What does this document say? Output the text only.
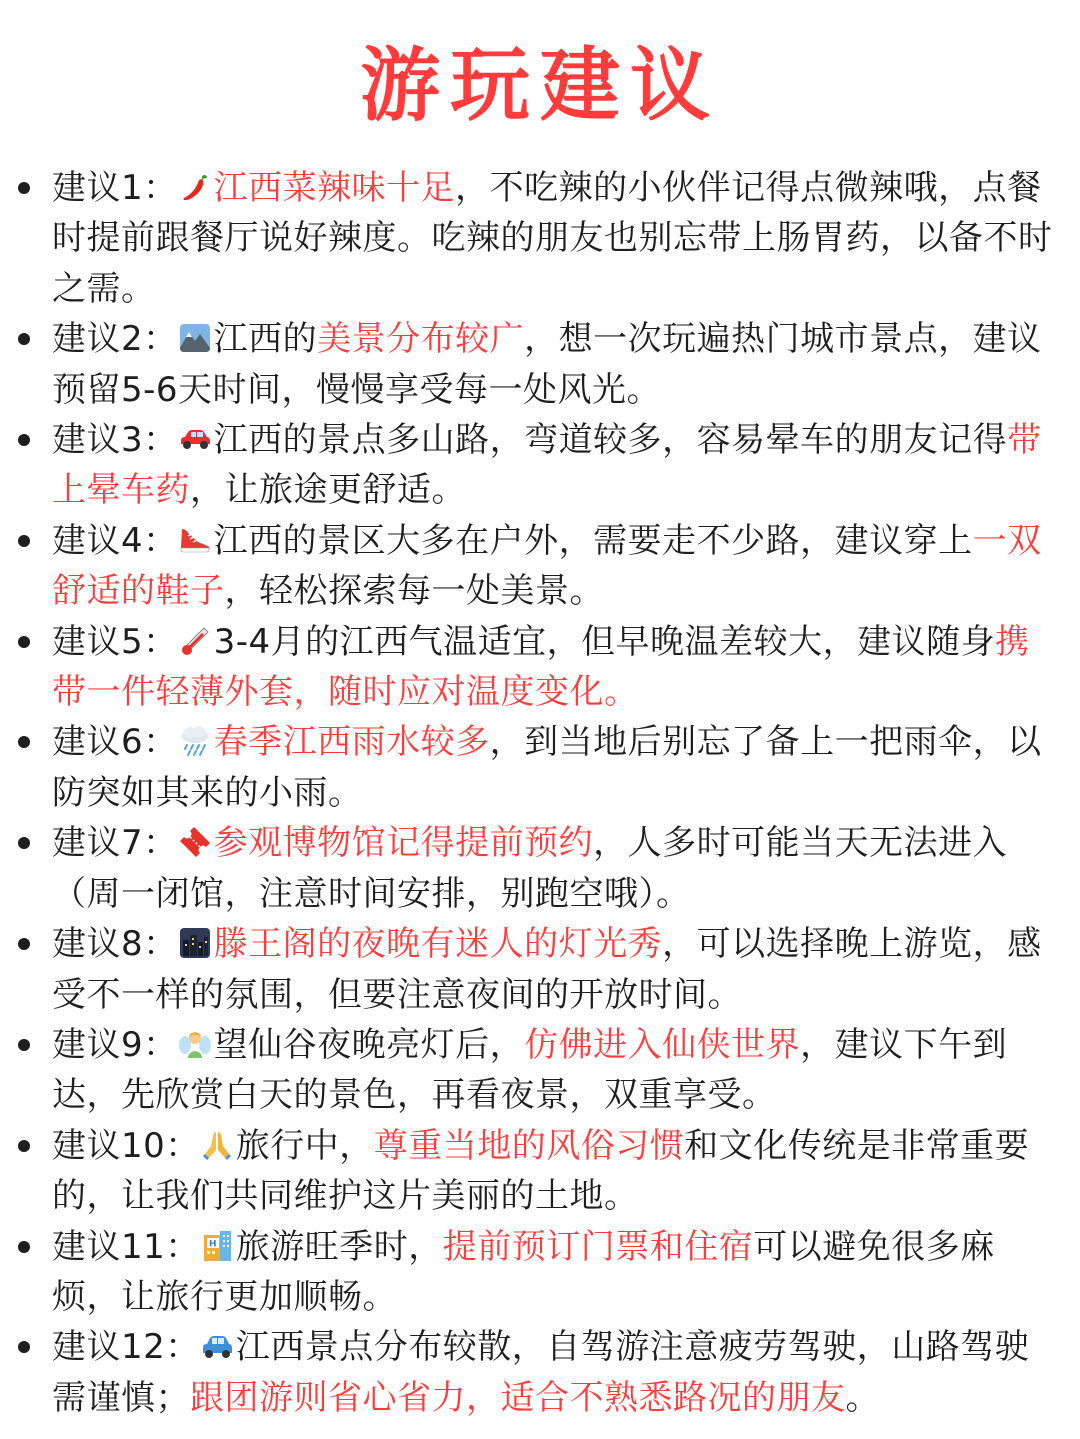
游玩建议
建议1： 江西菜辣味十足，不吃辣的小伙伴记得点微辣哦，点餐时提前跟餐厅说好辣度。吃辣的朋友也别忘带上肠胃药，以备不时之需。
建议2： 江西的美景分布较广，想一次玩遍热门城市景点，建议预留5-6天时间，慢慢享受每一处风光。
建议3： 江西的景点多山路，弯道较多，容易晕车的朋友记得带上晕车药，让旅途更舒适。
建议4： 江西的景区大多在户外，需要走不少路，建议穿上一双舒适的鞋子，轻松探索每一处美景。
建议5： 3-4月的江西气温适宜，但早晚温差较大，建议随身携带一件轻薄外套，随时应对温度变化。
建议6： 春季江西雨水较多，到当地后别忘了备上一把雨伞，以防突如其来的小雨。
建议7： 参观博物馆记得提前预约，人多时可能当天无法进入（周一闭馆，注意时间安排，别跑空哦）。
建议8： 滕王阁的夜晚有迷人的灯光秀，可以选择晚上游览，感受不一样的氛围，但要注意夜间的开放时间。
建议9： 望仙谷夜晚亮灯后，仿佛进入仙侠世界，建议下午到达，先欣赏白天的景色，再看夜景，双重享受。
建议10： 旅行中，尊重当地的风俗习惯和文化传统是非常重要的，让我们共同维护这片美丽的土地。
建议11： H 旅游旺季时，提前预订门票和住宿可以避免很多麻烦，让旅行更加顺畅。
建议12： 江西景点分布较散，自驾游注意疲劳驾驶，山路驾驶需谨慎；跟团游则省心省力，适合不熟悉路况的朋友。
